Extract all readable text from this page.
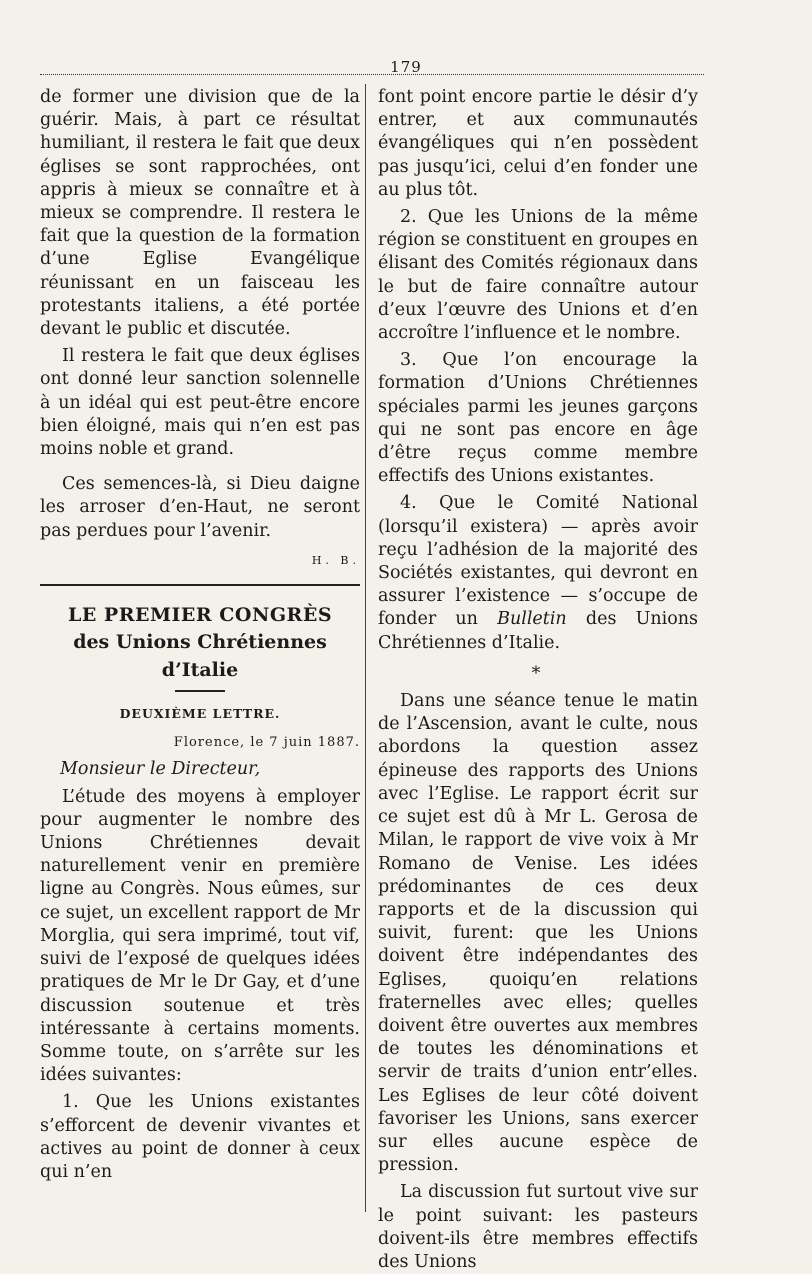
179

de former une division que de la guérir. Mais, à part ce résultat humiliant, il restera le fait que deux églises se sont rapprochées, ont appris à mieux se connaître et à mieux se comprendre. Il restera le fait que la question de la formation d’une Eglise Evangélique réunissant en un faisceau les protestants italiens, a été portée devant le public et discutée.

Il restera le fait que deux églises ont donné leur sanction solennelle à un idéal qui est peut-être encore bien éloigné, mais qui n’en est pas moins noble et grand.

Ces semences-là, si Dieu daigne les arroser d’en-Haut, ne seront pas perdues pour l’avenir.

H. B.

LE PREMIER CONGRÈS

des Unions Chrétiennes d’Italie

DEUXIÈME LETTRE.

Florence, le 7 juin 1887.

Monsieur le Directeur,

L’étude des moyens à employer pour augmenter le nombre des Unions Chrétiennes devait naturellement venir en première ligne au Congrès. Nous eûmes, sur ce sujet, un excellent rapport de Mr Morglia, qui sera imprimé, tout vif, suivi de l’exposé de quelques idées pratiques de Mr le Dr Gay, et d’une discussion soutenue et très intéressante à certains moments. Somme toute, on s’arrête sur les idées suivantes:

1. Que les Unions existantes s’efforcent de devenir vivantes et actives au point de donner à ceux qui n’en

font point encore partie le désir d’y entrer, et aux communautés évangéliques qui n’en possèdent pas jusqu’ici, celui d’en fonder une au plus tôt.

2. Que les Unions de la même région se constituent en groupes en élisant des Comités régionaux dans le but de faire connaître autour d’eux l’œuvre des Unions et d’en accroître l’influence et le nombre.

3. Que l’on encourage la formation d’Unions Chrétiennes spéciales parmi les jeunes garçons qui ne sont pas encore en âge d’être reçus comme membre effectifs des Unions existantes.

4. Que le Comité National (lorsqu’il existera) — après avoir reçu l’adhésion de la majorité des Sociétés existantes, qui devront en assurer l’existence — s’occupe de fonder un Bulletin des Unions Chrétiennes d’Italie.

*

Dans une séance tenue le matin de l’Ascension, avant le culte, nous abordons la question assez épineuse des rapports des Unions avec l’Eglise. Le rapport écrit sur ce sujet est dû à Mr L. Gerosa de Milan, le rapport de vive voix à Mr Romano de Venise. Les idées prédominantes de ces deux rapports et de la discussion qui suivit, furent: que les Unions doivent être indépendantes des Eglises, quoiqu’en relations fraternelles avec elles; quelles doivent être ouvertes aux membres de toutes les dénominations et servir de traits d’union entr’elles. Les Eglises de leur côté doivent favoriser les Unions, sans exercer sur elles aucune espèce de pression.

La discussion fut surtout vive sur le point suivant: les pasteurs doivent-ils être membres effectifs des Unions
